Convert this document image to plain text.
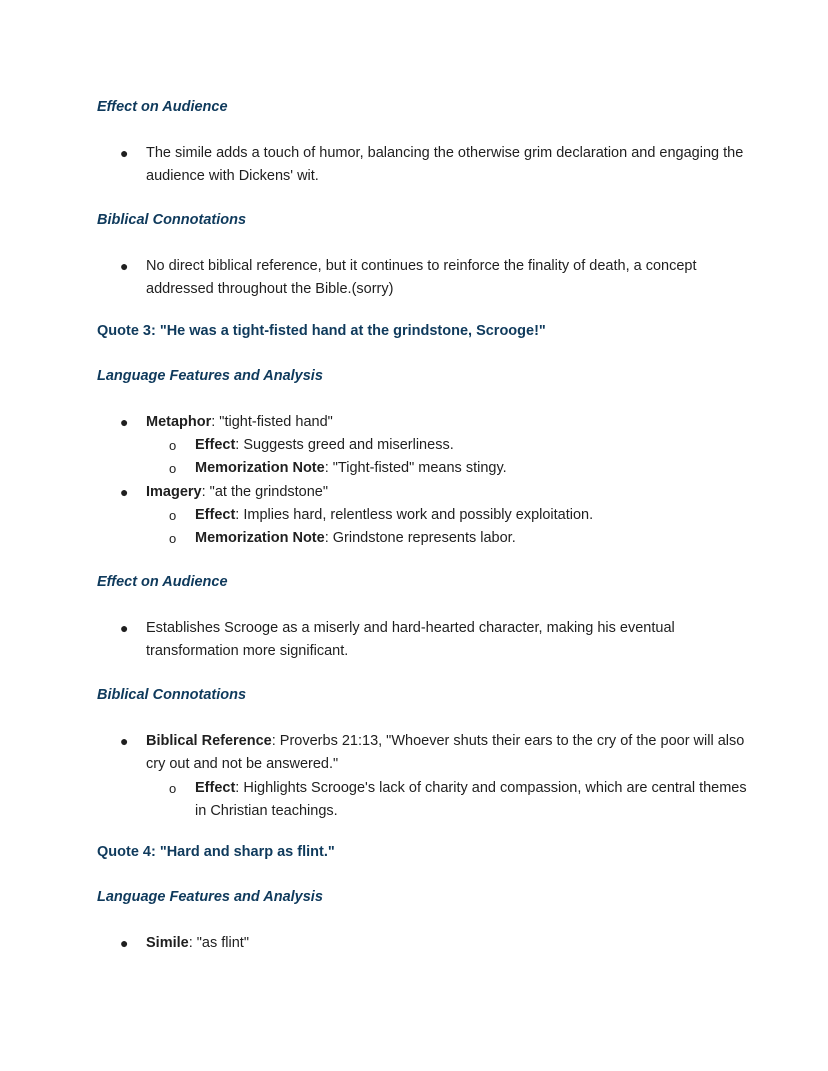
Effect on Audience
● The simile adds a touch of humor, balancing the otherwise grim declaration and engaging the audience with Dickens' wit.
Biblical Connotations
● No direct biblical reference, but it continues to reinforce the finality of death, a concept addressed throughout the Bible.(sorry)
Quote 3: "He was a tight-fisted hand at the grindstone, Scrooge!"
Language Features and Analysis
● Metaphor: "tight-fisted hand"
o Effect: Suggests greed and miserliness.
o Memorization Note: "Tight-fisted" means stingy.
● Imagery: "at the grindstone"
o Effect: Implies hard, relentless work and possibly exploitation.
o Memorization Note: Grindstone represents labor.
Effect on Audience
● Establishes Scrooge as a miserly and hard-hearted character, making his eventual transformation more significant.
Biblical Connotations
● Biblical Reference: Proverbs 21:13, "Whoever shuts their ears to the cry of the poor will also cry out and not be answered."
o Effect: Highlights Scrooge's lack of charity and compassion, which are central themes in Christian teachings.
Quote 4: "Hard and sharp as flint."
Language Features and Analysis
● Simile: "as flint"
